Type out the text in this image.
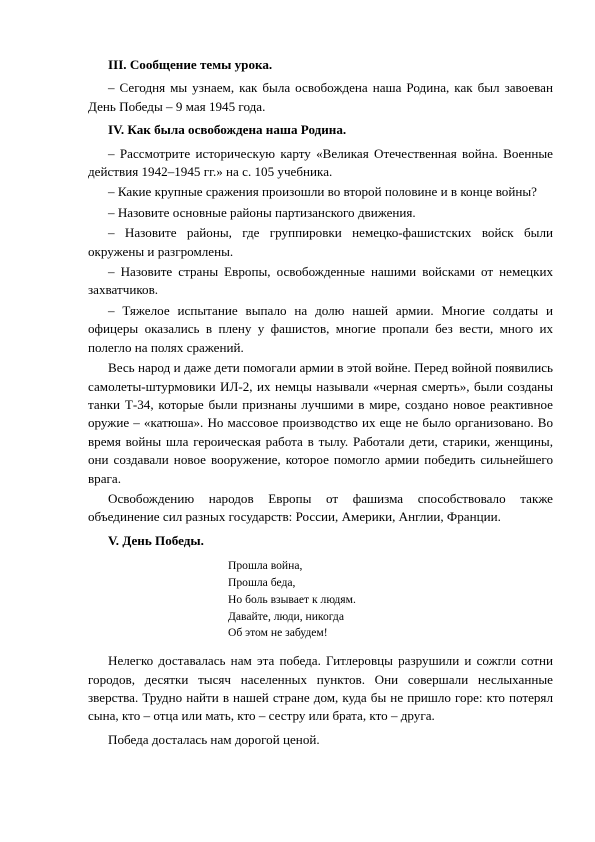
III. Сообщение темы урока.

– Сегодня мы узнаем, как была освобождена наша Родина, как был завоеван День Победы – 9 мая 1945 года.

IV. Как была освобождена наша Родина.

– Рассмотрите историческую карту «Великая Отечественная война. Военные действия 1942–1945 гг.» на с. 105 учебника.

– Какие крупные сражения произошли во второй половине и в конце войны?

– Назовите основные районы партизанского движения.

– Назовите районы, где группировки немецко-фашистских войск были окружены и разгромлены.

– Назовите страны Европы, освобожденные нашими войсками от немецких захватчиков.

– Тяжелое испытание выпало на долю нашей армии. Многие солдаты и офицеры оказались в плену у фашистов, многие пропали без вести, много их полегло на полях сражений.

Весь народ и даже дети помогали армии в этой войне. Перед войной появились самолеты-штурмовики ИЛ-2, их немцы называли «черная смерть», были созданы танки Т-34, которые были признаны лучшими в мире, создано новое реактивное оружие – «катюша». Но массовое производство их еще не было организовано. Во время войны шла героическая работа в тылу. Работали дети, старики, женщины, они создавали новое вооружение, которое помогло армии победить сильнейшего врага.

Освобождению народов Европы от фашизма способствовало также объединение сил разных государств: России, Америки, Англии, Франции.

V. День Победы.
Прошла война,
Прошла беда,
Но боль взывает к людям.
Давайте, люди, никогда
Об этом не забудем!

Нелегко доставалась нам эта победа. Гитлеровцы разрушили и сожгли сотни городов, десятки тысяч населенных пунктов. Они совершали неслыханные зверства. Трудно найти в нашей стране дом, куда бы не пришло горе: кто потерял сына, кто – отца или мать, кто – сестру или брата, кто – друга.

Победа досталась нам дорогой ценой.
